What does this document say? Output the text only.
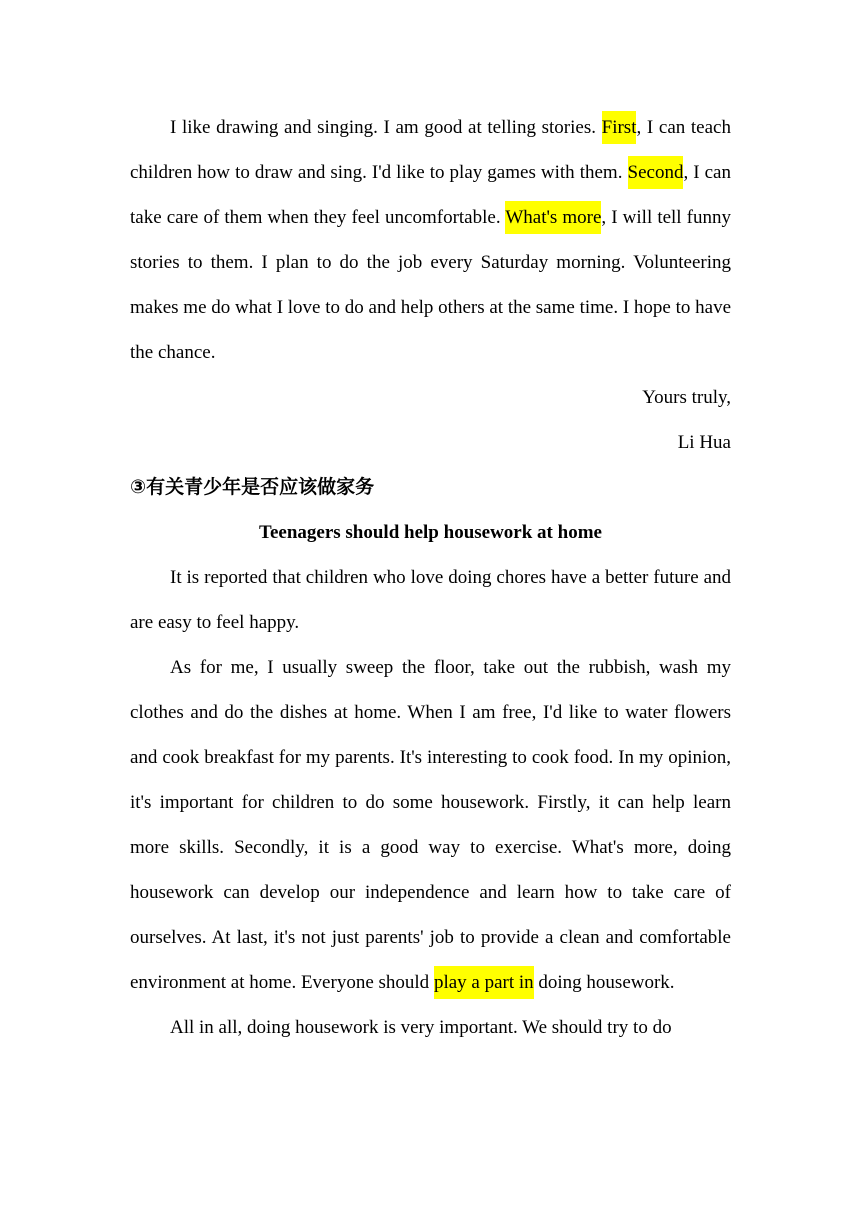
I like drawing and singing. I am good at telling stories. First, I can teach children how to draw and sing. I'd like to play games with them. Second, I can take care of them when they feel uncomfortable. What's more, I will tell funny stories to them. I plan to do the job every Saturday morning. Volunteering makes me do what I love to do and help others at the same time. I hope to have the chance.

Yours truly,

Li Hua

③有关青少年是否应该做家务

Teenagers should help housework at home

It is reported that children who love doing chores have a better future and are easy to feel happy.

As for me, I usually sweep the floor, take out the rubbish, wash my clothes and do the dishes at home. When I am free, I'd like to water flowers and cook breakfast for my parents. It's interesting to cook food. In my opinion, it's important for children to do some housework. Firstly, it can help learn more skills. Secondly, it is a good way to exercise. What's more, doing housework can develop our independence and learn how to take care of ourselves. At last, it's not just parents' job to provide a clean and comfortable environment at home. Everyone should play a part in doing housework.

All in all, doing housework is very important. We should try to do
